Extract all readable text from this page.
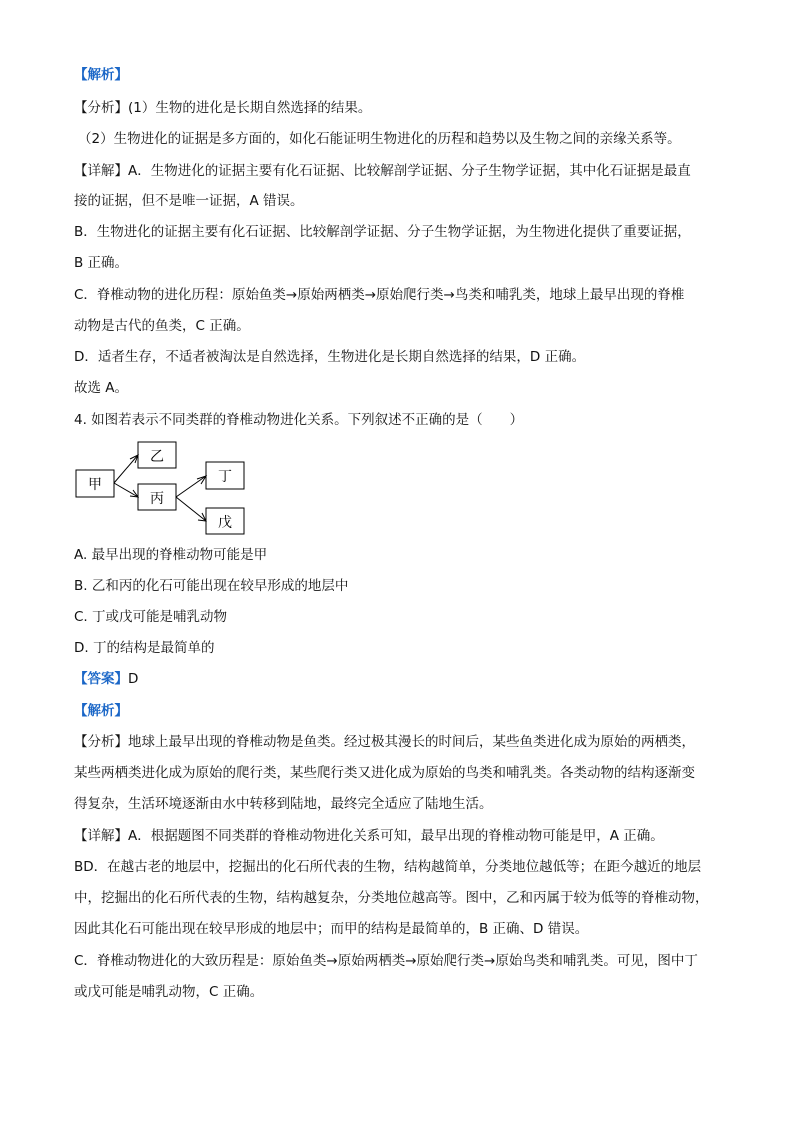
【解析】
【分析】(1）生物的进化是长期自然选择的结果。
（2）生物进化的证据是多方面的，如化石能证明生物进化的历程和趋势以及生物之间的亲缘关系等。
【详解】A．生物进化的证据主要有化石证据、比较解剖学证据、分子生物学证据，其中化石证据是最直
接的证据，但不是唯一证据，A 错误。
B．生物进化的证据主要有化石证据、比较解剖学证据、分子生物学证据，为生物进化提供了重要证据，
B 正确。
C．脊椎动物的进化历程：原始鱼类→原始两栖类→原始爬行类→鸟类和哺乳类，地球上最早出现的脊椎
动物是古代的鱼类，C 正确。
D．适者生存，不适者被淘汰是自然选择，生物进化是长期自然选择的结果，D 正确。
故选 A。
4. 如图若表示不同类群的脊椎动物进化关系。下列叙述不正确的是（　　）
甲
乙
丙
丁
戊
A. 最早出现的脊椎动物可能是甲
B. 乙和丙的化石可能出现在较早形成的地层中
C. 丁或戊可能是哺乳动物
D. 丁的结构是最简单的
【答案】D
【解析】
【分析】地球上最早出现的脊椎动物是鱼类。经过极其漫长的时间后，某些鱼类进化成为原始的两栖类，
某些两栖类进化成为原始的爬行类，某些爬行类又进化成为原始的鸟类和哺乳类。各类动物的结构逐渐变
得复杂，生活环境逐渐由水中转移到陆地，最终完全适应了陆地生活。
【详解】A．根据题图不同类群的脊椎动物进化关系可知，最早出现的脊椎动物可能是甲，A 正确。
BD．在越古老的地层中，挖掘出的化石所代表的生物，结构越简单，分类地位越低等；在距今越近的地层
中，挖掘出的化石所代表的生物，结构越复杂，分类地位越高等。图中，乙和丙属于较为低等的脊椎动物，
因此其化石可能出现在较早形成的地层中；而甲的结构是最简单的，B 正确、D 错误。
C．脊椎动物进化的大致历程是：原始鱼类→原始两栖类→原始爬行类→原始鸟类和哺乳类。可见，图中丁
或戊可能是哺乳动物，C 正确。
